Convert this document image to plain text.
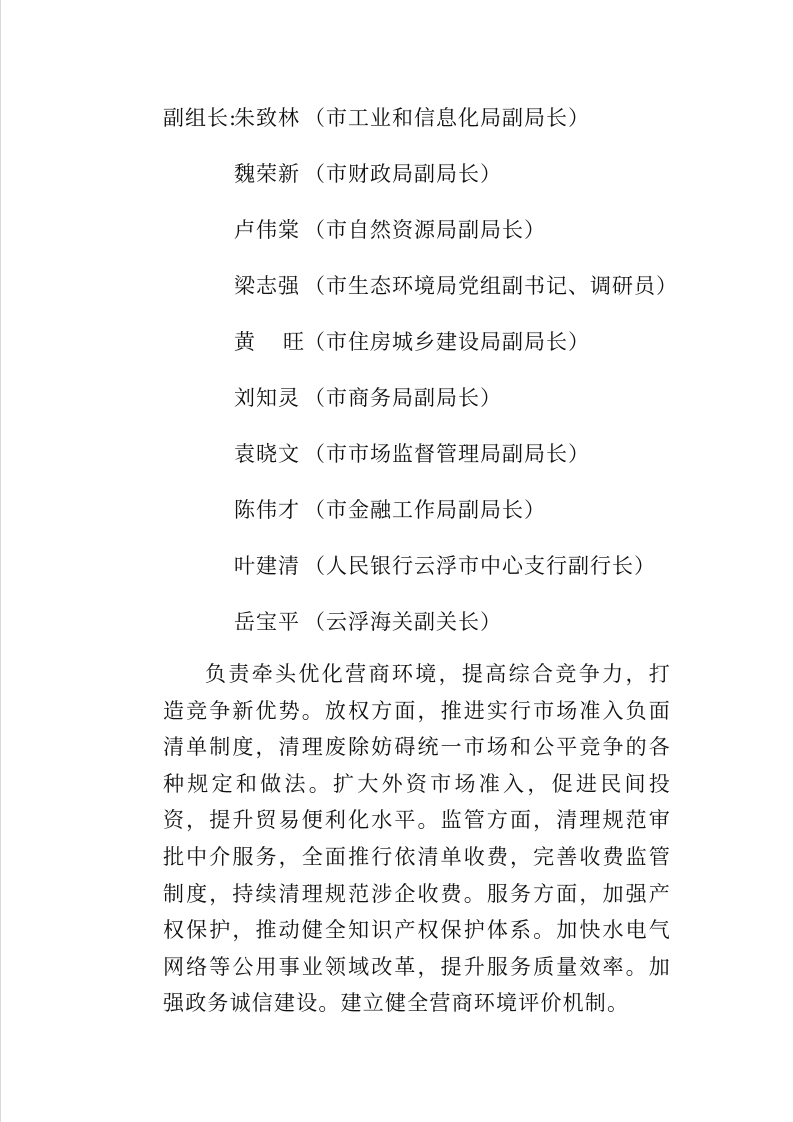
副组长:
朱致林 （市工业和信息化局副局长）
魏荣新 （市财政局副局长）
卢伟棠 （市自然资源局副局长）
梁志强 （市生态环境局党组副书记、调研员）
黄旺
（市住房城乡建设局副局长）
刘知灵 （市商务局副局长）
袁晓文 （市市场监督管理局副局长）
陈伟才 （市金融工作局副局长）
叶建清 （人民银行云浮市中心支行副行长）
岳宝平 （云浮海关副关长）

负责牵头优化营商环境，提高综合竞争力，打造竞争新优势。放权方面，推进实行市场准入负面清单制度，清理废除妨碍统一市场和公平竞争的各种规定和做法。扩大外资市场准入，促进民间投资，提升贸易便利化水平。监管方面，清理规范审批中介服务，全面推行依清单收费，完善收费监管制度，持续清理规范涉企收费。服务方面，加强产权保护，推动健全知识产权保护体系。加快水电气网络等公用事业领域改革，提升服务质量效率。加强政务诚信建设。建立健全营商环境评价机制。
